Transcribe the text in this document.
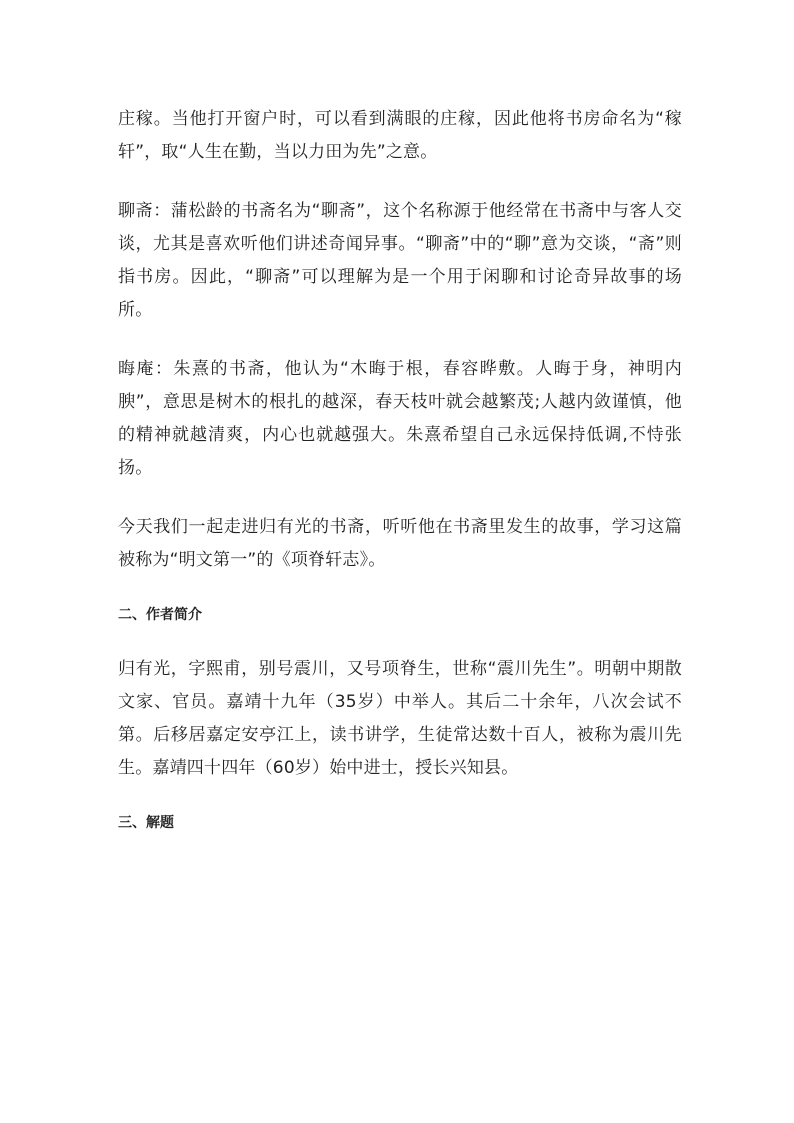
庄稼。当他打开窗户时，可以看到满眼的庄稼，因此他将书房命名为“稼轩”，取“人生在勤，当以力田为先”之意。

聊斋：蒲松龄的书斋名为“聊斋”，这个名称源于他经常在书斋中与客人交谈，尤其是喜欢听他们讲述奇闻异事。“聊斋”中的“聊”意为交谈，“斋”则指书房。因此，“聊斋”可以理解为是一个用于闲聊和讨论奇异故事的场所。

晦庵：朱熹的书斋，他认为“木晦于根，春容晔敷。人晦于身，神明内腴”，意思是树木的根扎的越深，春天枝叶就会越繁茂;人越内敛谨慎，他的精神就越清爽，内心也就越强大。朱熹希望自己永远保持低调,不恃张扬。

今天我们一起走进归有光的书斋，听听他在书斋里发生的故事，学习这篇被称为“明文第一”的《项脊轩志》。

二、作者简介

归有光，字熙甫，别号震川，又号项脊生，世称“震川先生”。明朝中期散文家、官员。嘉靖十九年（35岁）中举人。其后二十余年，八次会试不第。后移居嘉定安亭江上，读书讲学，生徒常达数十百人，被称为震川先生。嘉靖四十四年（60岁）始中进士，授长兴知县。

三、解题
